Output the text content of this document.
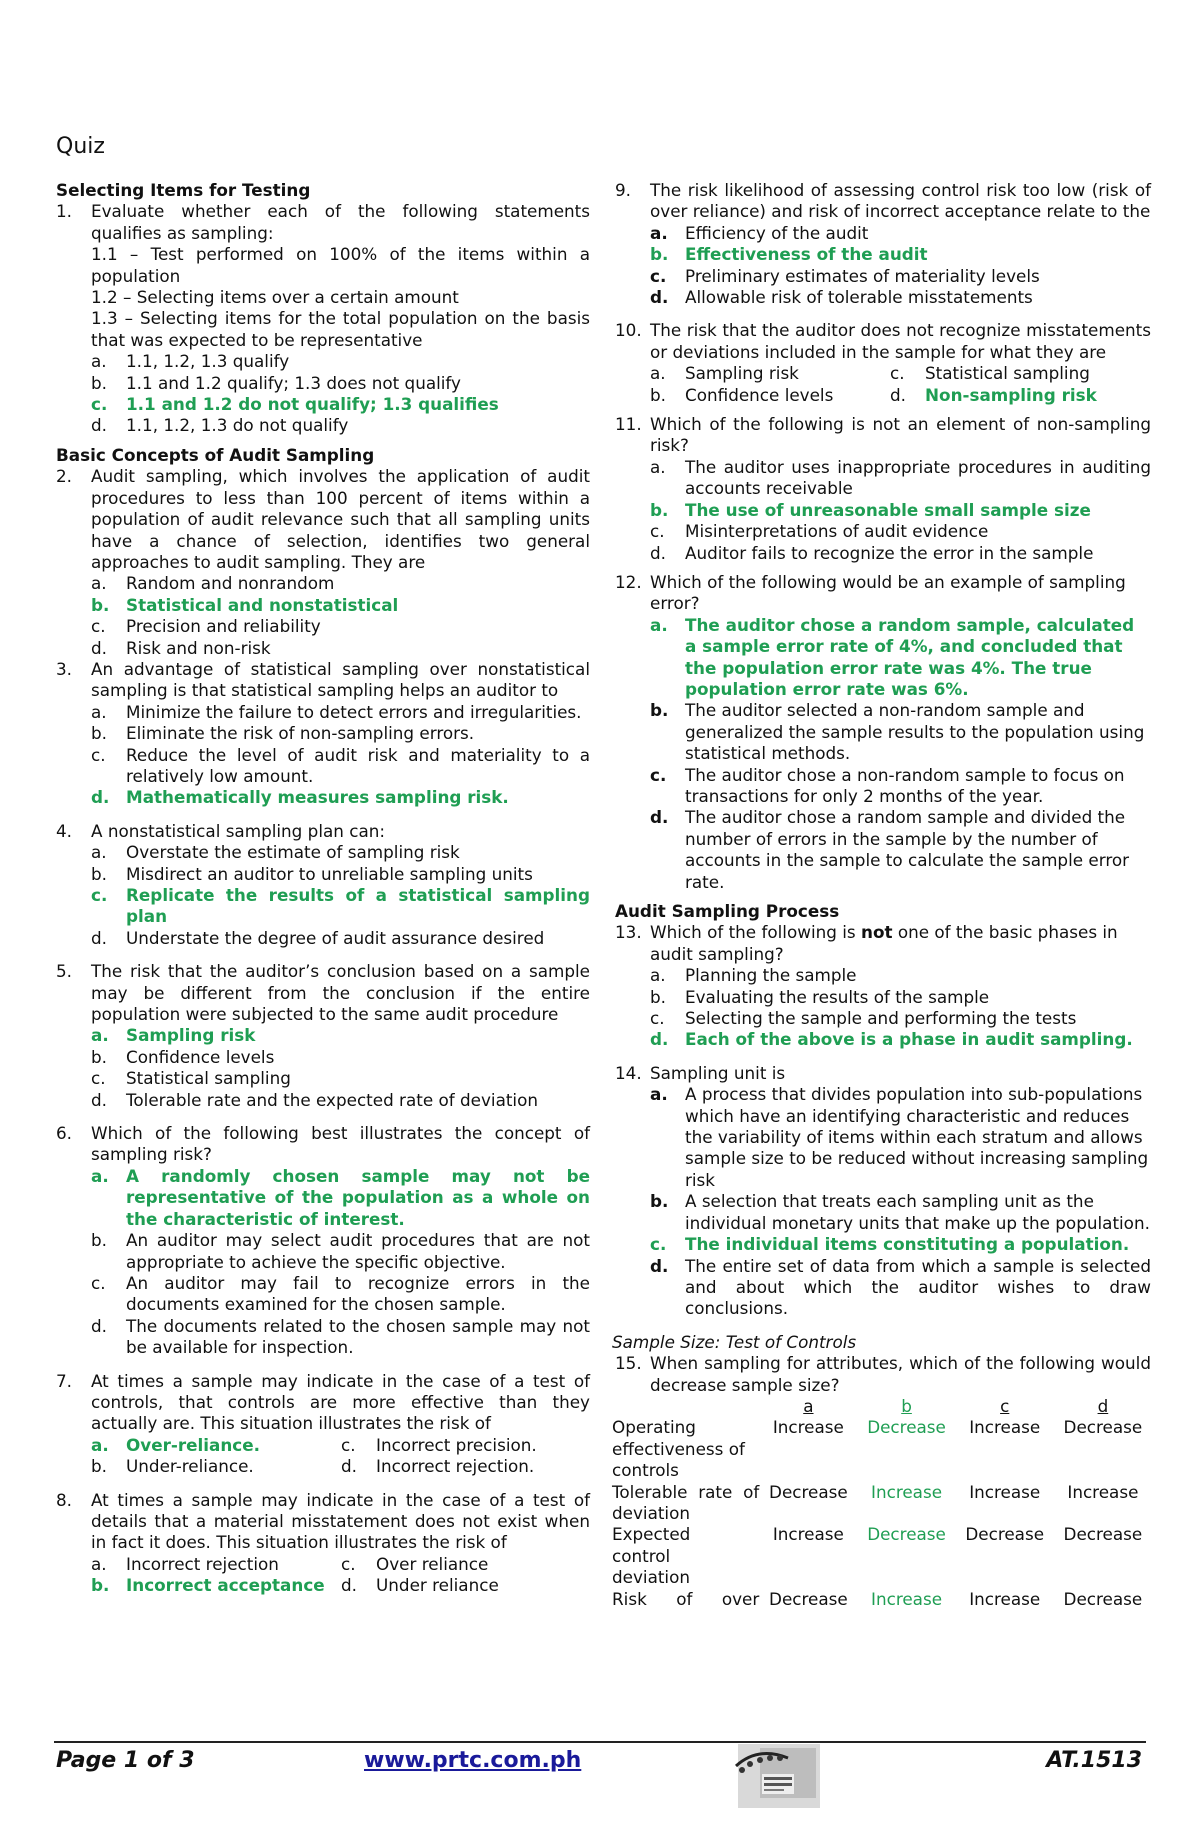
Quiz
Selecting Items for Testing
1.	Evaluate whether each of the following statements qualifies as sampling:
1.1 – Test performed on 100% of the items within a population
1.2 – Selecting items over a certain amount
1.3 – Selecting items for the total population on the basis that was expected to be representative
a.	1.1, 1.2, 1.3 qualify
b.	1.1 and 1.2 qualify; 1.3 does not qualify
c.	1.1 and 1.2 do not qualify; 1.3 qualifies
d.	1.1, 1.2, 1.3 do not qualify
Basic Concepts of Audit Sampling
2.	Audit sampling, which involves the application of audit procedures to less than 100 percent of items within a population of audit relevance such that all sampling units have a chance of selection, identifies two general approaches to audit sampling. They are
a.	Random and nonrandom
b. Statistical and nonstatistical
c.	Precision and reliability
d.	Risk and non-risk
3.	An advantage of statistical sampling over nonstatistical sampling is that statistical sampling helps an auditor to
a.	Minimize the failure to detect errors and irregularities.
b.	Eliminate the risk of non-sampling errors.
c.	Reduce the level of audit risk and materiality to a relatively low amount.
d. Mathematically measures sampling risk.
4.	A nonstatistical sampling plan can:
a.	Overstate the estimate of sampling risk
b.	Misdirect an auditor to unreliable sampling units
c.	Replicate the results of a statistical sampling plan
d.	Understate the degree of audit assurance desired
5.	The risk that the auditor’s conclusion based on a sample may be different from the conclusion if the entire population were subjected to the same audit procedure
a.	Sampling risk
b.	Confidence levels
c.	Statistical sampling
d.	Tolerable rate and the expected rate of deviation
6.	Which of the following best illustrates the concept of sampling risk?
a.	A randomly chosen sample may not be representative of the population as a whole on the characteristic of interest.
b.	An auditor may select audit procedures that are not appropriate to achieve the specific objective.
c.	An auditor may fail to recognize errors in the documents examined for the chosen sample.
d.	The documents related to the chosen sample may not be available for inspection.
7.	At times a sample may indicate in the case of a test of controls, that controls are more effective than they actually are. This situation illustrates the risk of
a.	Over-reliance.	c.	Incorrect precision.
b.	Under-reliance.	d.	Incorrect rejection.
8.	At times a sample may indicate in the case of a test of details that a material misstatement does not exist when in fact it does. This situation illustrates the risk of
a.	Incorrect rejection	c.	Over reliance
b. Incorrect acceptance d.	Under reliance
9.	The risk likelihood of assessing control risk too low (risk of over reliance) and risk of incorrect acceptance relate to the
a.	Efficiency of the audit
b. Effectiveness of the audit
c.	Preliminary estimates of materiality levels
d. Allowable risk of tolerable misstatements
10. The risk that the auditor does not recognize misstatements or deviations included in the sample for what they are
a.	Sampling risk	c.	Statistical sampling
b.	Confidence levels	d.	Non-sampling risk
11. Which of the following is not an element of non-sampling risk?
a.	The auditor uses inappropriate procedures in auditing accounts receivable
b. The use of unreasonable small sample size
c.	Misinterpretations of audit evidence
d.	Auditor fails to recognize the error in the sample
12. Which of the following would be an example of sampling error?
a.	The auditor chose a random sample, calculated a sample error rate of 4%, and concluded that the population error rate was 4%. The true population error rate was 6%.
b. The auditor selected a non-random sample and generalized the sample results to the population using statistical methods.
c.	The auditor chose a non-random sample to focus on transactions for only 2 months of the year.
d. The auditor chose a random sample and divided the number of errors in the sample by the number of accounts in the sample to calculate the sample error rate.
Audit Sampling Process
13. Which of the following is not one of the basic phases in audit sampling?
a.	Planning the sample
b.	Evaluating the results of the sample
c.	Selecting the sample and performing the tests
d. Each of the above is a phase in audit sampling.
14. Sampling unit is
a.	A process that divides population into sub-populations which have an identifying characteristic and reduces the variability of items within each stratum and allows sample size to be reduced without increasing sampling risk
b. A selection that treats each sampling unit as the individual monetary units that make up the population.
c.	The individual items constituting a population.
d. The entire set of data from which a sample is selected and about which the auditor wishes to draw conclusions.
Sample Size: Test of Controls
15. When sampling for attributes, which of the following would decrease sample size?
	a	b	c	d
Operating effectiveness of controls	Increase	Decrease	Increase	Decrease
Tolerable rate of deviation	Decrease	Increase	Increase	Increase
Expected control deviation	Increase	Decrease	Decrease	Decrease
Risk of over	Decrease	Increase	Increase	Decrease
Page 1 of 3	www.prtc.com.ph	AT.1513
